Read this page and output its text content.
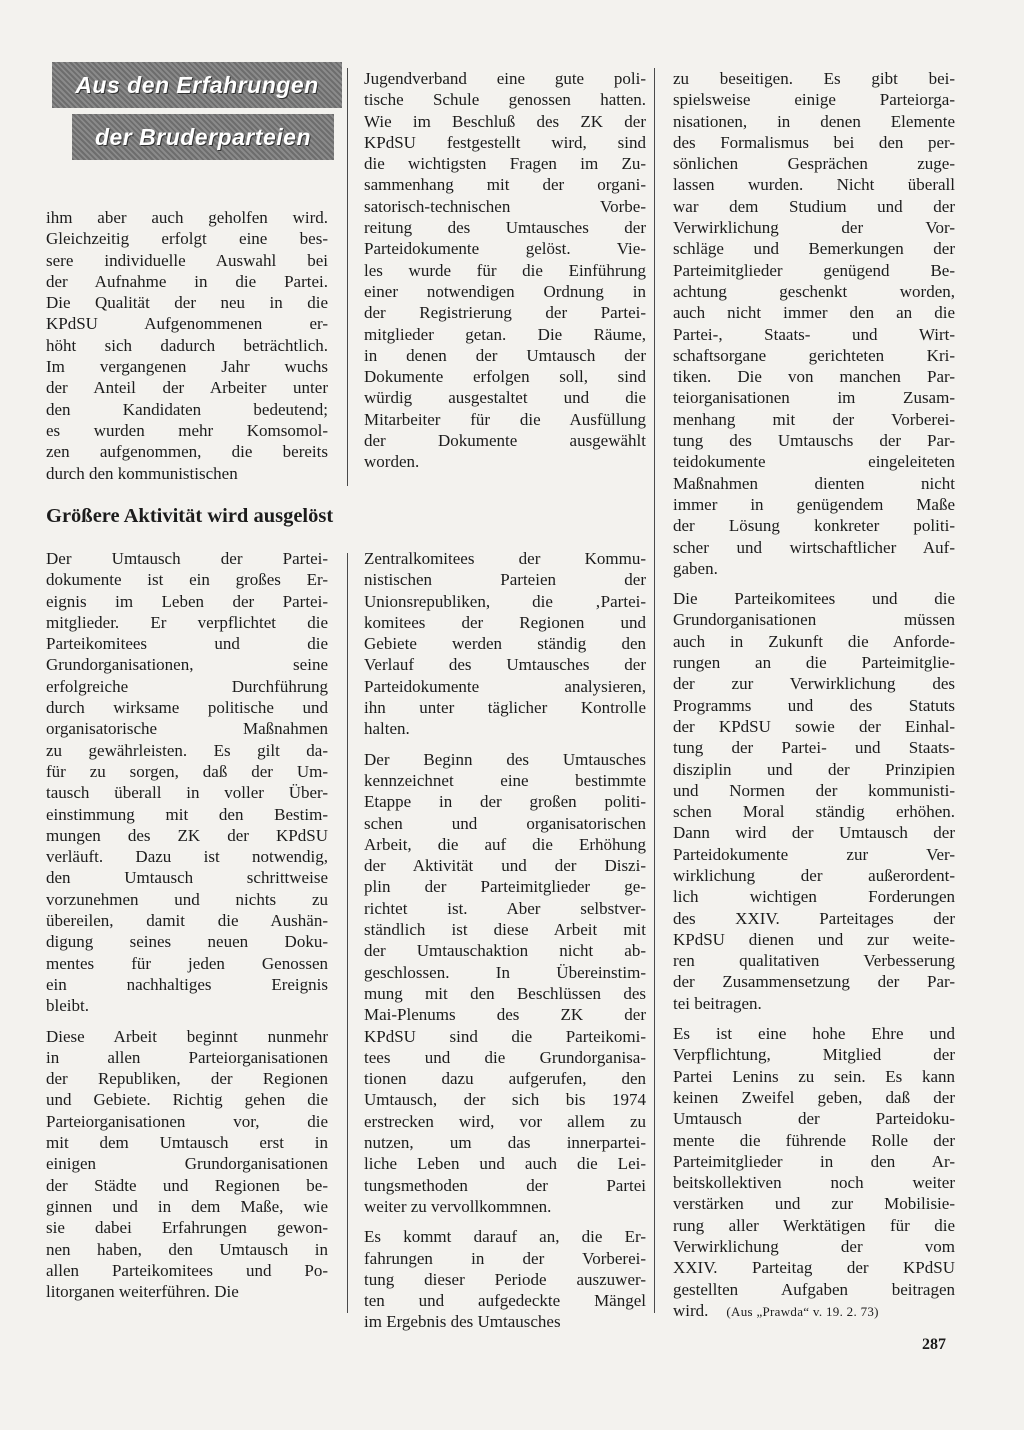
Aus den Erfahrungen
der Bruderparteien
ihm aber auch geholfen wird.
Gleichzeitig erfolgt eine bes-
sere individuelle Auswahl bei
der Aufnahme in die Partei.
Die Qualität der neu in die
KPdSU Aufgenommenen er-
höht sich dadurch beträchtlich.
Im vergangenen Jahr wuchs
der Anteil der Arbeiter unter
den Kandidaten bedeutend;
es wurden mehr Komsomol-
zen aufgenommen, die bereits
durch den kommunistischen
Jugendverband eine gute poli-
tische Schule genossen hatten.
Wie im Beschluß des ZK der
KPdSU festgestellt wird, sind
die wichtigsten Fragen im Zu-
sammenhang mit der organi-
satorisch-technischen Vorbe-
reitung des Umtausches der
Parteidokumente gelöst. Vie-
les wurde für die Einführung
einer notwendigen Ordnung in
der Registrierung der Partei-
mitglieder getan. Die Räume,
in denen der Umtausch der
Dokumente erfolgen soll, sind
würdig ausgestaltet und die
Mitarbeiter für die Ausfüllung
der Dokumente ausgewählt
worden.
Größere Aktivität wird ausgelöst

Der Umtausch der Partei-
dokumente ist ein großes Er-
eignis im Leben der Partei-
mitglieder. Er verpflichtet die
Parteikomitees und die
Grundorganisationen, seine
erfolgreiche Durchführung
durch wirksame politische und
organisatorische Maßnahmen
zu gewährleisten. Es gilt da-
für zu sorgen, daß der Um-
tausch überall in voller Über-
einstimmung mit den Bestim-
mungen des ZK der KPdSU
verläuft. Dazu ist notwendig,
den Umtausch schrittweise
vorzunehmen und nichts zu
übereilen, damit die Aushän-
digung seines neuen Doku-
mentes für jeden Genossen
ein nachhaltiges Ereignis
bleibt.

Diese Arbeit beginnt nunmehr
in allen Parteiorganisationen
der Republiken, der Regionen
und Gebiete. Richtig gehen die
Parteiorganisationen vor, die
mit dem Umtausch erst in
einigen Grundorganisationen
der Städte und Regionen be-
ginnen und in dem Maße, wie
sie dabei Erfahrungen gewon-
nen haben, den Umtausch in
allen Parteikomitees und Po-
litorganen weiterführen. Die

Zentralkomitees der Kommu-
nistischen Parteien der
Unionsrepubliken, die ‚Partei-
komitees der Regionen und
Gebiete werden ständig den
Verlauf des Umtausches der
Parteidokumente analysieren,
ihn unter täglicher Kontrolle
halten.

Der Beginn des Umtausches
kennzeichnet eine bestimmte
Etappe in der großen politi-
schen und organisatorischen
Arbeit, die auf die Erhöhung
der Aktivität und der Diszi-
plin der Parteimitglieder ge-
richtet ist. Aber selbstver-
ständlich ist diese Arbeit mit
der Umtauschaktion nicht ab-
geschlossen. In Übereinstim-
mung mit den Beschlüssen des
Mai-Plenums des ZK der
KPdSU sind die Parteikomi-
tees und die Grundorganisa-
tionen dazu aufgerufen, den
Umtausch, der sich bis 1974
erstrecken wird, vor allem zu
nutzen, um das innerpartei-
liche Leben und auch die Lei-
tungsmethoden der Partei
weiter zu vervollkommnen.

Es kommt darauf an, die Er-
fahrungen in der Vorberei-
tung dieser Periode auszuwer-
ten und aufgedeckte Mängel
im Ergebnis des Umtausches

zu beseitigen. Es gibt bei-
spielsweise einige Parteiorga-
nisationen, in denen Elemente
des Formalismus bei den per-
sönlichen Gesprächen zuge-
lassen wurden. Nicht überall
war dem Studium und der
Verwirklichung der Vor-
schläge und Bemerkungen der
Parteimitglieder genügend Be-
achtung geschenkt worden,
auch nicht immer den an die
Partei-, Staats- und Wirt-
schaftsorgane gerichteten Kri-
tiken. Die von manchen Par-
teiorganisationen im Zusam-
menhang mit der Vorberei-
tung des Umtauschs der Par-
teidokumente eingeleiteten
Maßnahmen dienten nicht
immer in genügendem Maße
der Lösung konkreter politi-
scher und wirtschaftlicher Auf-
gaben.

Die Parteikomitees und die
Grundorganisationen müssen
auch in Zukunft die Anforde-
rungen an die Parteimitglie-
der zur Verwirklichung des
Programms und des Statuts
der KPdSU sowie der Einhal-
tung der Partei- und Staats-
disziplin und der Prinzipien
und Normen der kommunisti-
schen Moral ständig erhöhen.
Dann wird der Umtausch der
Parteidokumente zur Ver-
wirklichung der außerordent-
lich wichtigen Forderungen
des XXIV. Parteitages der
KPdSU dienen und zur weite-
ren qualitativen Verbesserung
der Zusammensetzung der Par-
tei beitragen.

Es ist eine hohe Ehre und
Verpflichtung, Mitglied der
Partei Lenins zu sein. Es kann
keinen Zweifel geben, daß der
Umtausch der Parteidoku-
mente die führende Rolle der
Parteimitglieder in den Ar-
beitskollektiven noch weiter
verstärken und zur Mobilisie-
rung aller Werktätigen für die
Verwirklichung der vom
XXIV. Parteitag der KPdSU
gestellten Aufgaben beitragen
wird. (Aus „Prawda“ v. 19. 2. 73)

287
